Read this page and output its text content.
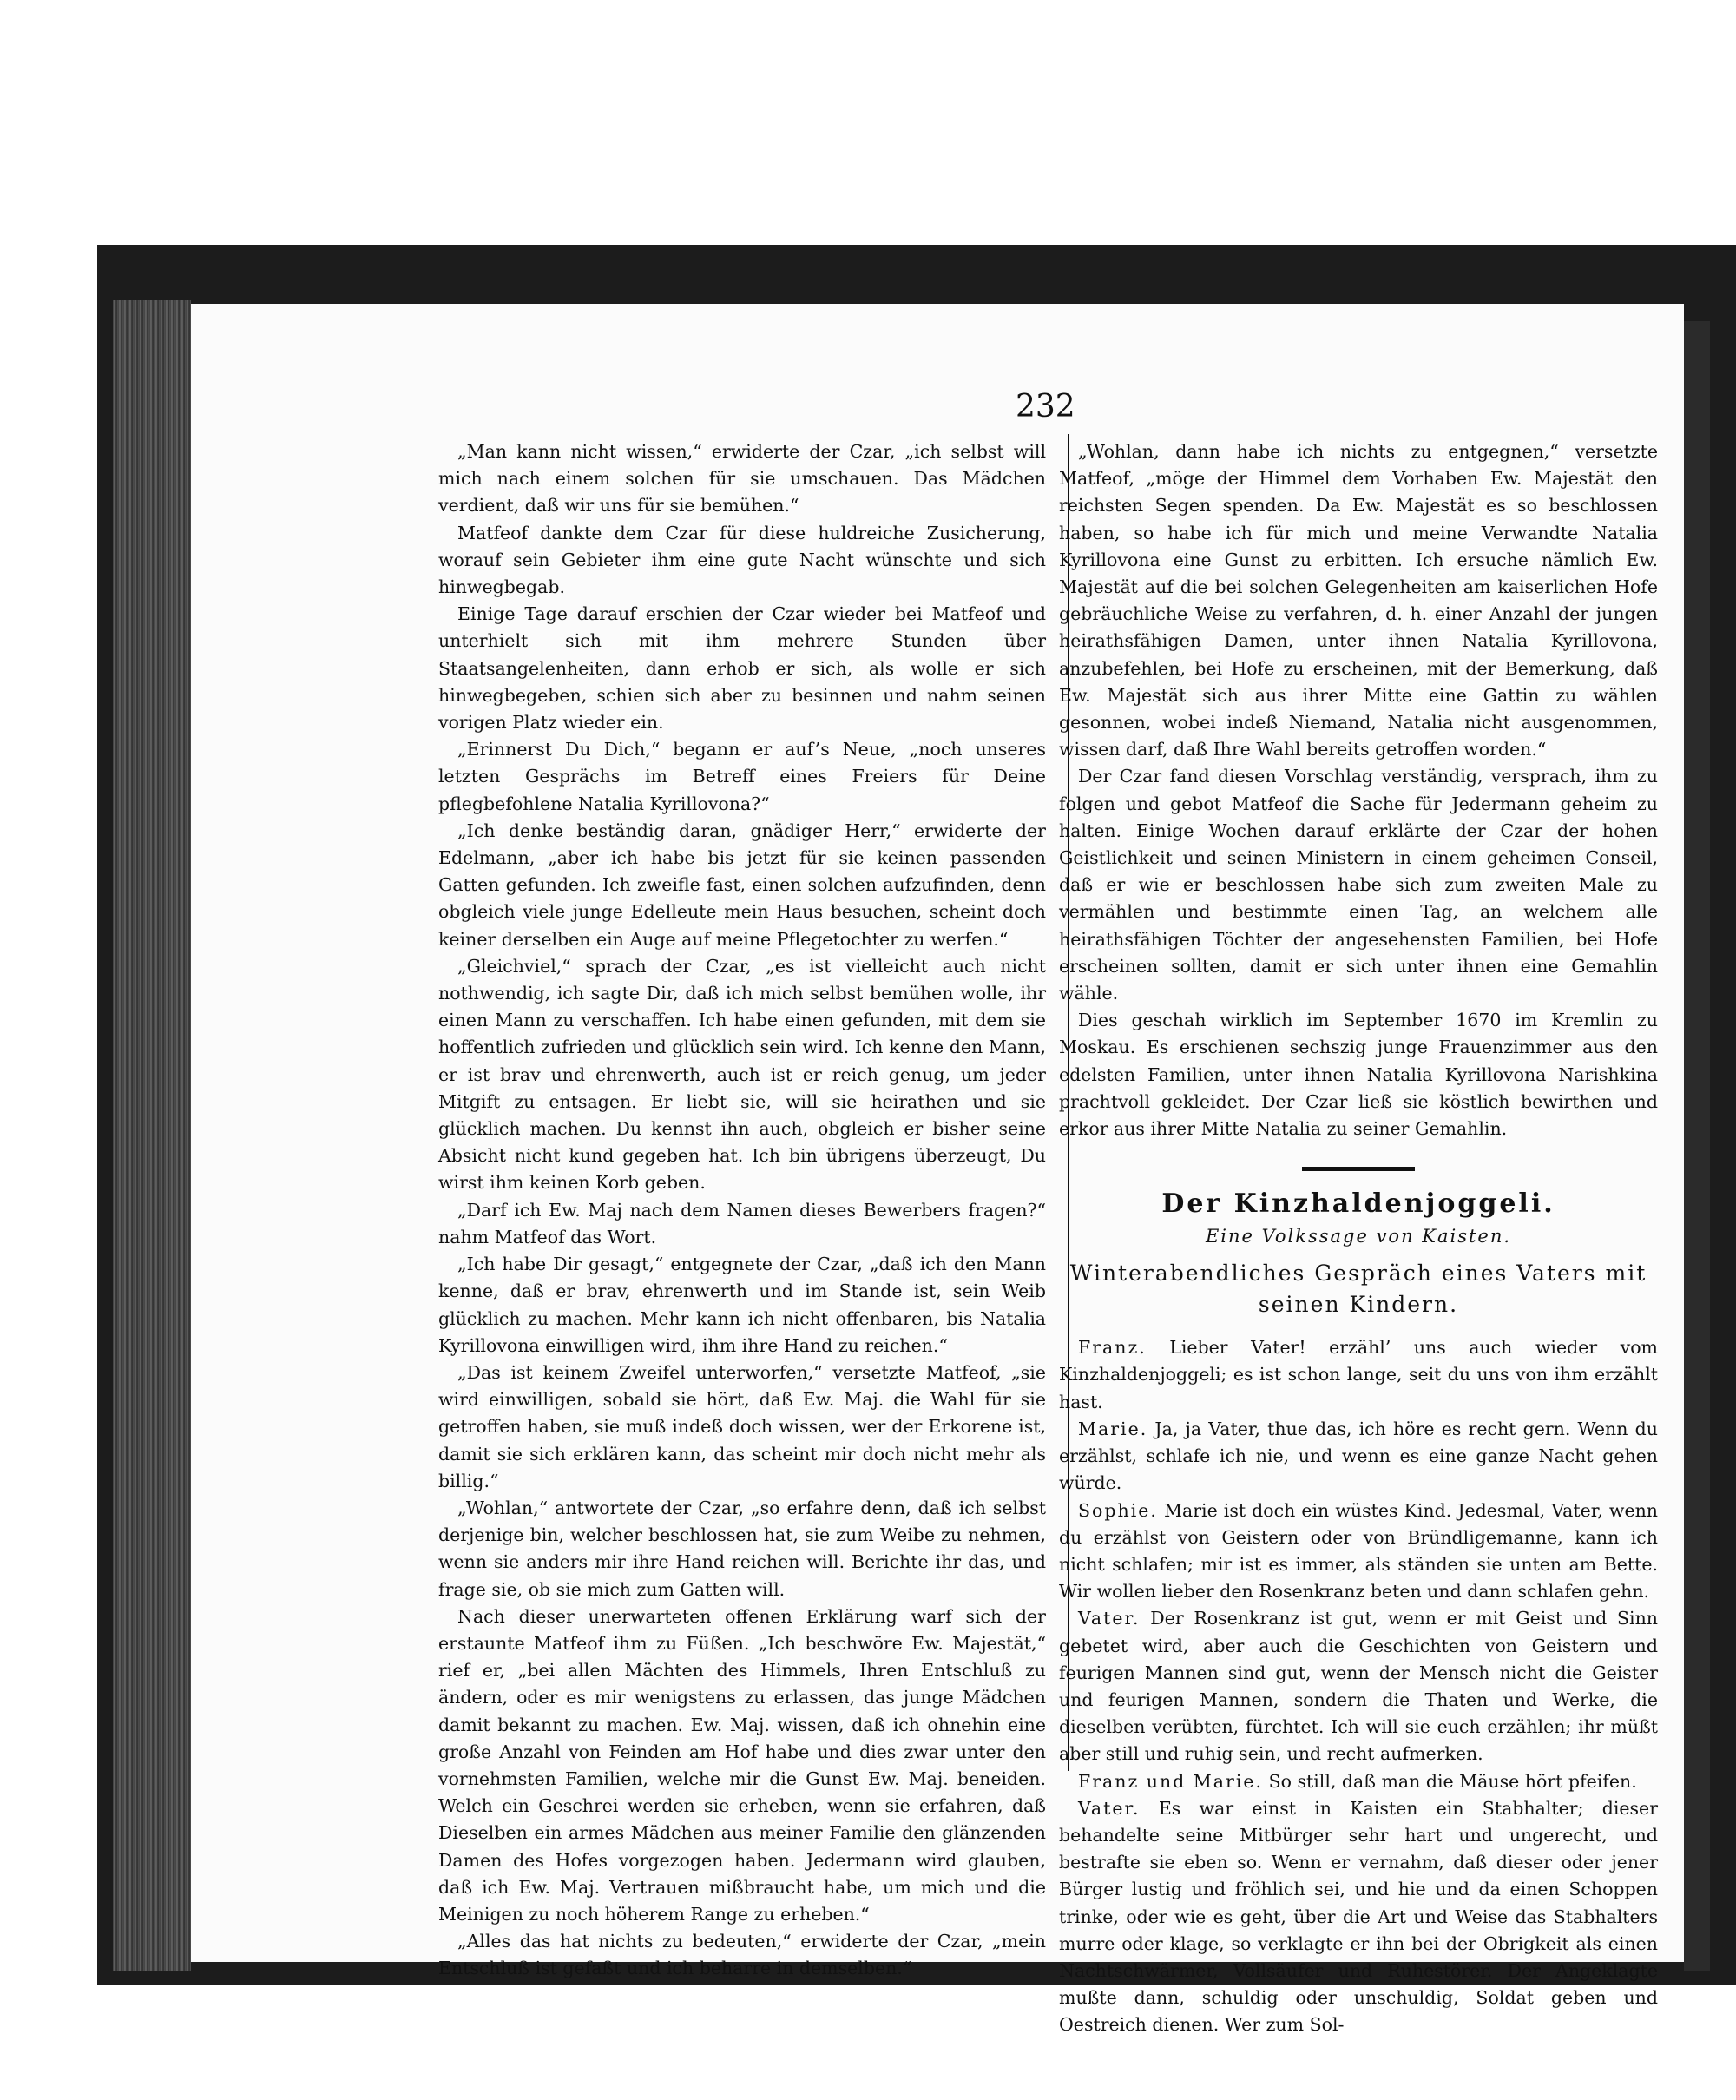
232

„Man kann nicht wissen,“ erwiderte der Czar, „ich selbst will mich nach einem solchen für sie umschauen. Das Mädchen verdient, daß wir uns für sie bemühen.“

Matfeof dankte dem Czar für diese huldreiche Zusicherung, worauf sein Gebieter ihm eine gute Nacht wünschte und sich hinwegbegab.

Einige Tage darauf erschien der Czar wieder bei Matfeof und unterhielt sich mit ihm mehrere Stunden über Staatsangelenheiten, dann erhob er sich, als wolle er sich hinwegbegeben, schien sich aber zu besinnen und nahm seinen vorigen Platz wieder ein.

„Erinnerst Du Dich,“ begann er auf’s Neue, „noch unseres letzten Gesprächs im Betreff eines Freiers für Deine pflegbefohlene Natalia Kyrillovona?“

„Ich denke beständig daran, gnädiger Herr,“ erwiderte der Edelmann, „aber ich habe bis jetzt für sie keinen passenden Gatten gefunden. Ich zweifle fast, einen solchen aufzufinden, denn obgleich viele junge Edelleute mein Haus besuchen, scheint doch keiner derselben ein Auge auf meine Pflegetochter zu werfen.“

„Gleichviel,“ sprach der Czar, „es ist vielleicht auch nicht nothwendig, ich sagte Dir, daß ich mich selbst bemühen wolle, ihr einen Mann zu verschaffen. Ich habe einen gefunden, mit dem sie hoffentlich zufrieden und glücklich sein wird. Ich kenne den Mann, er ist brav und ehrenwerth, auch ist er reich genug, um jeder Mitgift zu entsagen. Er liebt sie, will sie heirathen und sie glücklich machen. Du kennst ihn auch, obgleich er bisher seine Absicht nicht kund gegeben hat. Ich bin übrigens überzeugt, Du wirst ihm keinen Korb geben.

„Darf ich Ew. Maj nach dem Namen dieses Bewerbers fragen?“ nahm Matfeof das Wort.

„Ich habe Dir gesagt,“ entgegnete der Czar, „daß ich den Mann kenne, daß er brav, ehrenwerth und im Stande ist, sein Weib glücklich zu machen. Mehr kann ich nicht offenbaren, bis Natalia Kyrillovona einwilligen wird, ihm ihre Hand zu reichen.“

„Das ist keinem Zweifel unterworfen,“ versetzte Matfeof, „sie wird einwilligen, sobald sie hört, daß Ew. Maj. die Wahl für sie getroffen haben, sie muß indeß doch wissen, wer der Erkorene ist, damit sie sich erklären kann, das scheint mir doch nicht mehr als billig.“

„Wohlan,“ antwortete der Czar, „so erfahre denn, daß ich selbst derjenige bin, welcher beschlossen hat, sie zum Weibe zu nehmen, wenn sie anders mir ihre Hand reichen will. Berichte ihr das, und frage sie, ob sie mich zum Gatten will.

Nach dieser unerwarteten offenen Erklärung warf sich der erstaunte Matfeof ihm zu Füßen. „Ich beschwöre Ew. Majestät,“ rief er, „bei allen Mächten des Himmels, Ihren Entschluß zu ändern, oder es mir wenigstens zu erlassen, das junge Mädchen damit bekannt zu machen. Ew. Maj. wissen, daß ich ohnehin eine große Anzahl von Feinden am Hof habe und dies zwar unter den vornehmsten Familien, welche mir die Gunst Ew. Maj. beneiden. Welch ein Geschrei werden sie erheben, wenn sie erfahren, daß Dieselben ein armes Mädchen aus meiner Familie den glänzenden Damen des Hofes vorgezogen haben. Jedermann wird glauben, daß ich Ew. Maj. Vertrauen mißbraucht habe, um mich und die Meinigen zu noch höherem Range zu erheben.“

„Alles das hat nichts zu bedeuten,“ erwiderte der Czar, „mein Entschluß ist gefaßt und ich beharre in demselben.“

„Wohlan, dann habe ich nichts zu entgegnen,“ versetzte Matfeof, „möge der Himmel dem Vorhaben Ew. Majestät den reichsten Segen spenden. Da Ew. Majestät es so beschlossen haben, so habe ich für mich und meine Verwandte Natalia Kyrillovona eine Gunst zu erbitten. Ich ersuche nämlich Ew. Majestät auf die bei solchen Gelegenheiten am kaiserlichen Hofe gebräuchliche Weise zu verfahren, d. h. einer Anzahl der jungen heirathsfähigen Damen, unter ihnen Natalia Kyrillovona, anzubefehlen, bei Hofe zu erscheinen, mit der Bemerkung, daß Ew. Majestät sich aus ihrer Mitte eine Gattin zu wählen gesonnen, wobei indeß Niemand, Natalia nicht ausgenommen, wissen darf, daß Ihre Wahl bereits getroffen worden.“

Der Czar fand diesen Vorschlag verständig, versprach, ihm zu folgen und gebot Matfeof die Sache für Jedermann geheim zu halten. Einige Wochen darauf erklärte der Czar der hohen Geistlichkeit und seinen Ministern in einem geheimen Conseil, daß er wie er beschlossen habe sich zum zweiten Male zu vermählen und bestimmte einen Tag, an welchem alle heirathsfähigen Töchter der angesehensten Familien, bei Hofe erscheinen sollten, damit er sich unter ihnen eine Gemahlin wähle.

Dies geschah wirklich im September 1670 im Kremlin zu Moskau. Es erschienen sechszig junge Frauenzimmer aus den edelsten Familien, unter ihnen Natalia Kyrillovona Narishkina prachtvoll gekleidet. Der Czar ließ sie köstlich bewirthen und erkor aus ihrer Mitte Natalia zu seiner Gemahlin.

Der Kinzhaldenjoggeli.
Eine Volkssage von Kaisten.
Winterabendliches Gespräch eines Vaters mit seinen Kindern.

Franz. Lieber Vater! erzähl’ uns auch wieder vom Kinzhaldenjoggeli; es ist schon lange, seit du uns von ihm erzählt hast.

Marie. Ja, ja Vater, thue das, ich höre es recht gern. Wenn du erzählst, schlafe ich nie, und wenn es eine ganze Nacht gehen würde.

Sophie. Marie ist doch ein wüstes Kind. Jedesmal, Vater, wenn du erzählst von Geistern oder von Bründligemanne, kann ich nicht schlafen; mir ist es immer, als ständen sie unten am Bette. Wir wollen lieber den Rosenkranz beten und dann schlafen gehn.

Vater. Der Rosenkranz ist gut, wenn er mit Geist und Sinn gebetet wird, aber auch die Geschichten von Geistern und feurigen Mannen sind gut, wenn der Mensch nicht die Geister und feurigen Mannen, sondern die Thaten und Werke, die dieselben verübten, fürchtet. Ich will sie euch erzählen; ihr müßt aber still und ruhig sein, und recht aufmerken.

Franz und Marie. So still, daß man die Mäuse hört pfeifen.

Vater. Es war einst in Kaisten ein Stabhalter; dieser behandelte seine Mitbürger sehr hart und ungerecht, und bestrafte sie eben so. Wenn er vernahm, daß dieser oder jener Bürger lustig und fröhlich sei, und hie und da einen Schoppen trinke, oder wie es geht, über die Art und Weise das Stabhalters murre oder klage, so verklagte er ihn bei der Obrigkeit als einen Nachtschwärmer, Vollsäufer und Ruhestörer. Der Angeklagte mußte dann, schuldig oder unschuldig, Soldat geben und Oestreich dienen. Wer zum Sol-
